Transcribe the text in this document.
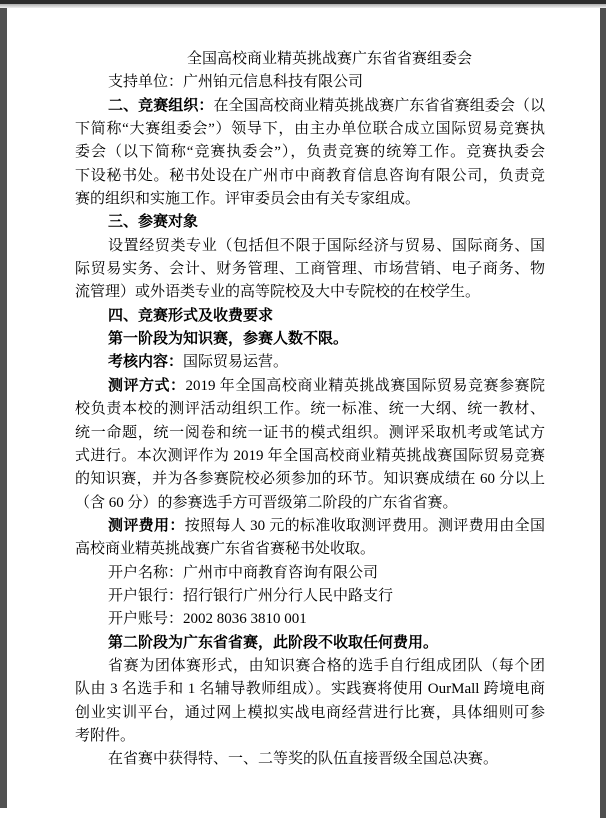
全国高校商业精英挑战赛广东省省赛组委会
支持单位：广州铂元信息科技有限公司
二、竞赛组织：在全国高校商业精英挑战赛广东省省赛组委会（以
下简称“大赛组委会”）领导下，由主办单位联合成立国际贸易竞赛执
委会（以下简称“竞赛执委会”），负责竞赛的统筹工作。竞赛执委会
下设秘书处。秘书处设在广州市中商教育信息咨询有限公司，负责竞
赛的组织和实施工作。评审委员会由有关专家组成。
三、参赛对象
设置经贸类专业（包括但不限于国际经济与贸易、国际商务、国
际贸易实务、会计、财务管理、工商管理、市场营销、电子商务、物
流管理）或外语类专业的高等院校及大中专院校的在校学生。
四、竞赛形式及收费要求
第一阶段为知识赛，参赛人数不限。
考核内容：国际贸易运营。
测评方式：2019 年全国高校商业精英挑战赛国际贸易竞赛参赛院
校负责本校的测评活动组织工作。统一标准、统一大纲、统一教材、
统一命题，统一阅卷和统一证书的模式组织。测评采取机考或笔试方
式进行。本次测评作为 2019 年全国高校商业精英挑战赛国际贸易竞赛
的知识赛，并为各参赛院校必须参加的环节。知识赛成绩在 60 分以上
（含 60 分）的参赛选手方可晋级第二阶段的广东省省赛。
测评费用：按照每人 30 元的标准收取测评费用。测评费用由全国
高校商业精英挑战赛广东省省赛秘书处收取。
开户名称：广州市中商教育咨询有限公司
开户银行：招行银行广州分行人民中路支行
开户账号：2002 8036 3810 001
第二阶段为广东省省赛，此阶段不收取任何费用。
省赛为团体赛形式，由知识赛合格的选手自行组成团队（每个团
队由 3 名选手和 1 名辅导教师组成）。实践赛将使用 OurMall 跨境电商
创业实训平台，通过网上模拟实战电商经营进行比赛，具体细则可参
考附件。
在省赛中获得特、一、二等奖的队伍直接晋级全国总决赛。
